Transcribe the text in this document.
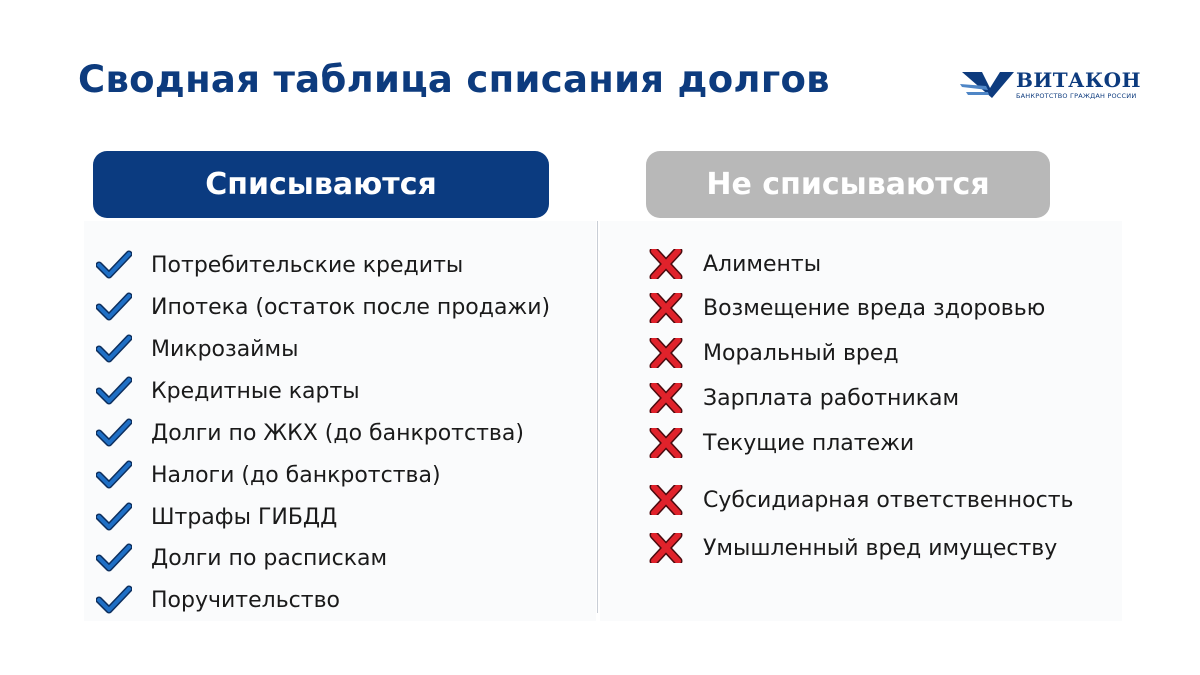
Сводная таблица списания долгов	ВИТАКОН
БАНКРОТСТВО ГРАЖДАН РОССИИ
Списываются	Не списываются
Потребительские кредиты
Ипотека (остаток после продажи)
Микрозаймы
Кредитные карты
Долги по ЖКХ (до банкротства)
Налоги (до банкротства)
Штрафы ГИБДД
Долги по распискам
Поручительство
Алименты
Возмещение вреда здоровью
Моральный вред
Зарплата работникам
Текущие платежи
Субсидиарная ответственность
Умышленный вред имуществу
